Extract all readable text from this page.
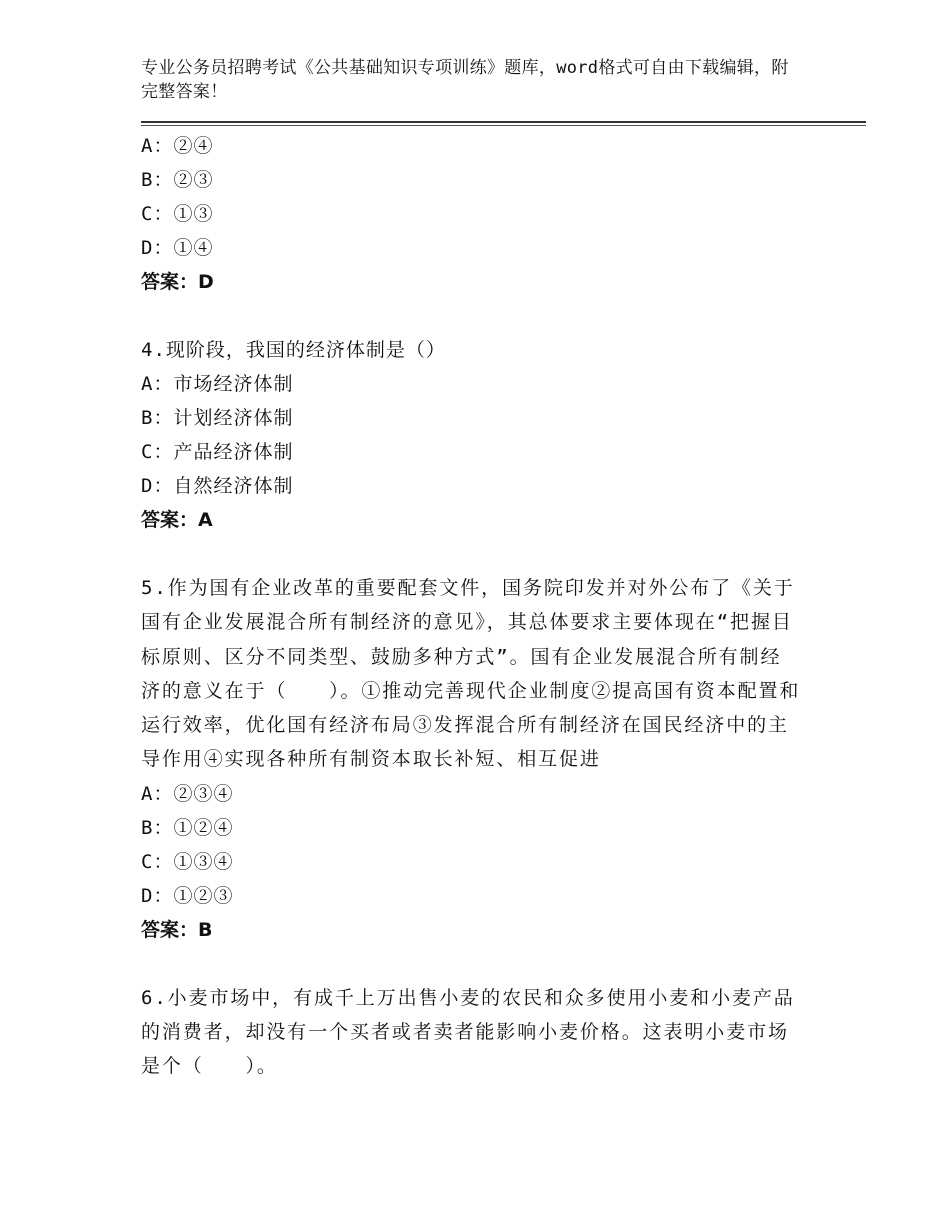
专业公务员招聘考试《公共基础知识专项训练》题库，word格式可自由下载编辑，附完整答案！
A：②④
B：②③
C：①③
D：①④
答案：D
4.现阶段，我国的经济体制是（）
A：市场经济体制
B：计划经济体制
C：产品经济体制
D：自然经济体制
答案：A
5.作为国有企业改革的重要配套文件，国务院印发并对外公布了《关于国有企业发展混合所有制经济的意见》，其总体要求主要体现在“把握目标原则、区分不同类型、鼓励多种方式”。国有企业发展混合所有制经济的意义在于（　　）。①推动完善现代企业制度②提高国有资本配置和运行效率，优化国有经济布局③发挥混合所有制经济在国民经济中的主导作用④实现各种所有制资本取长补短、相互促进
A：②③④
B：①②④
C：①③④
D：①②③
答案：B
6.小麦市场中，有成千上万出售小麦的农民和众多使用小麦和小麦产品的消费者，却没有一个买者或者卖者能影响小麦价格。这表明小麦市场是个（　　）。
